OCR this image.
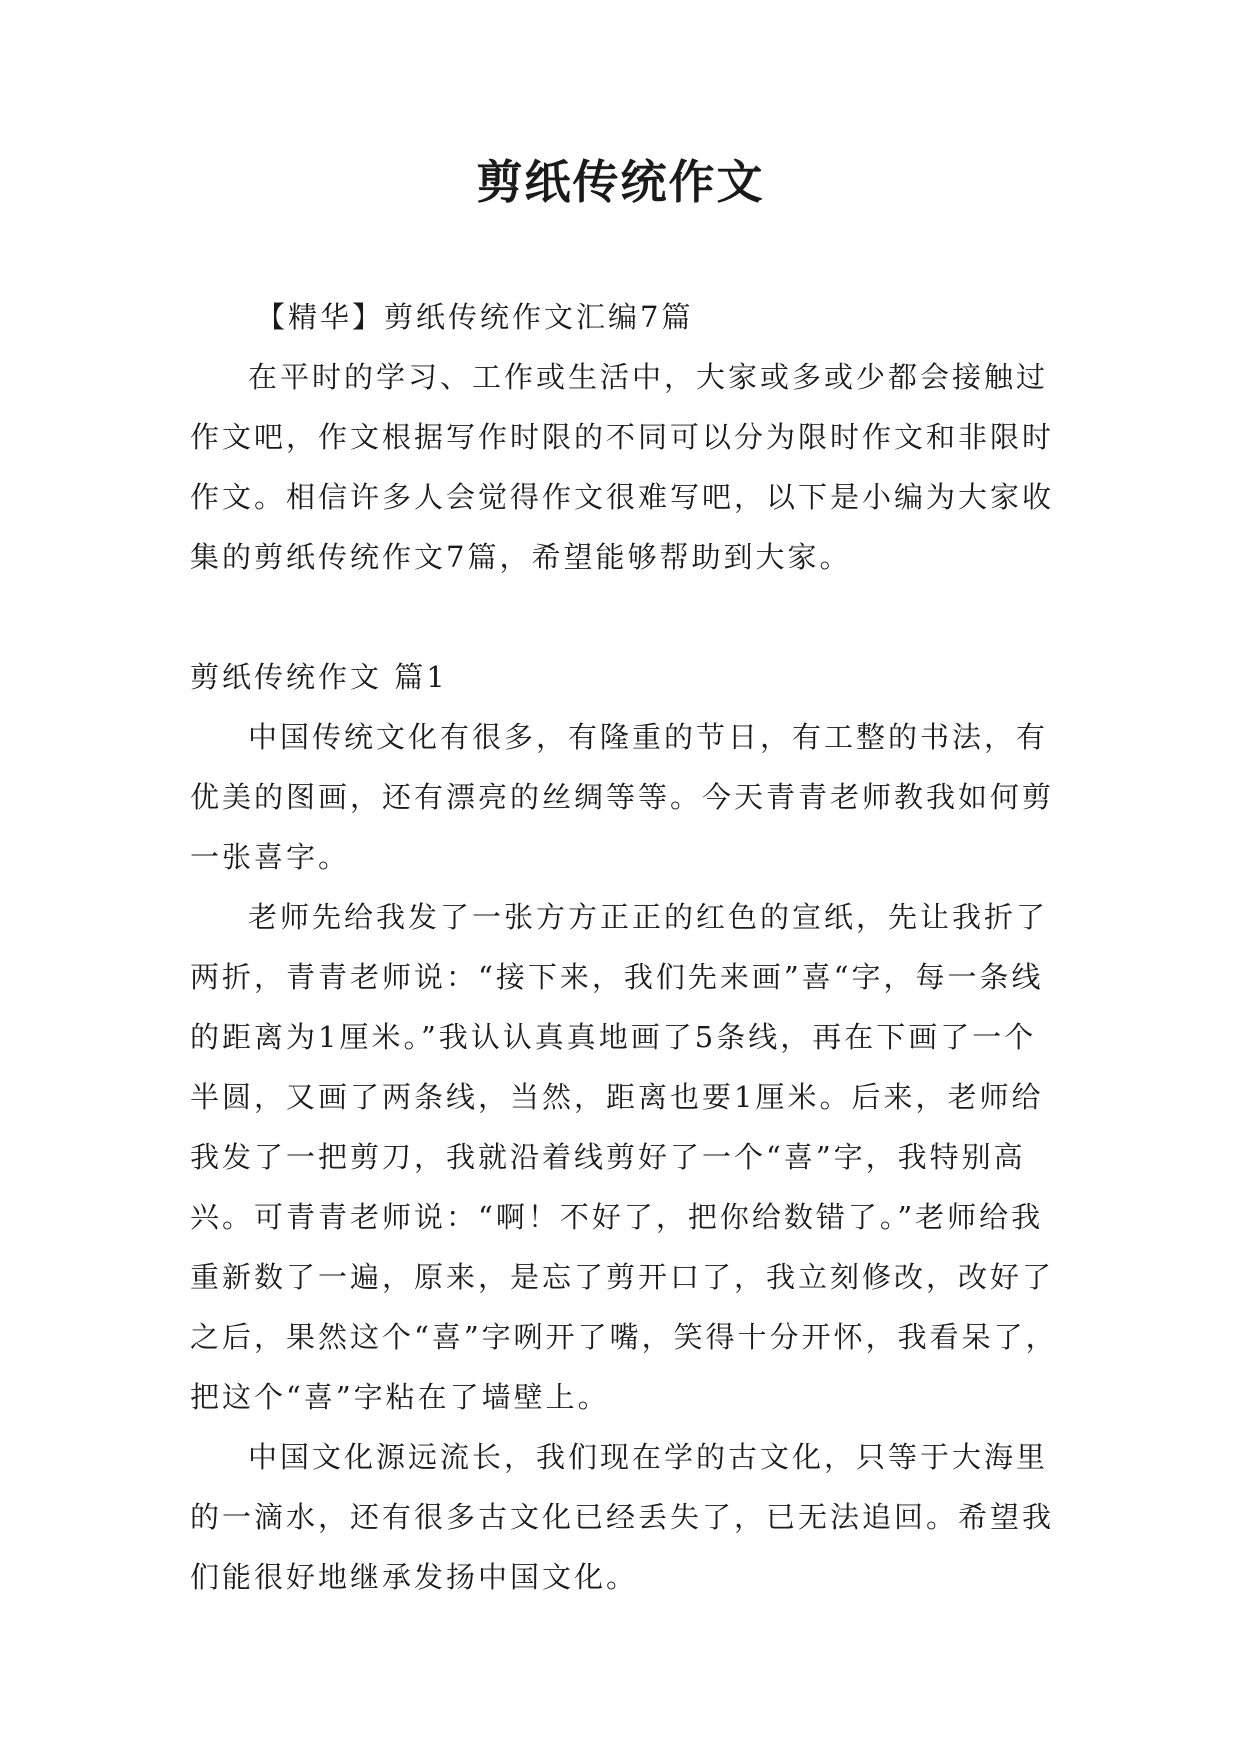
剪纸传统作文

【精华】剪纸传统作文汇编7篇

在平时的学习、工作或生活中，大家或多或少都会接触过作文吧，作文根据写作时限的不同可以分为限时作文和非限时作文。相信许多人会觉得作文很难写吧，以下是小编为大家收集的剪纸传统作文7篇，希望能够帮助到大家。

剪纸传统作文 篇1

中国传统文化有很多，有隆重的节日，有工整的书法，有优美的图画，还有漂亮的丝绸等等。今天青青老师教我如何剪一张喜字。

老师先给我发了一张方方正正的红色的宣纸，先让我折了两折，青青老师说：“接下来，我们先来画”喜“字，每一条线的距离为1厘米。”我认认真真地画了5条线，再在下画了一个半圆，又画了两条线，当然，距离也要1厘米。后来，老师给我发了一把剪刀，我就沿着线剪好了一个“喜”字，我特别高兴。可青青老师说：“啊！不好了，把你给数错了。”老师给我重新数了一遍，原来，是忘了剪开口了，我立刻修改，改好了之后，果然这个“喜”字咧开了嘴，笑得十分开怀，我看呆了，把这个“喜”字粘在了墙壁上。

中国文化源远流长，我们现在学的古文化，只等于大海里的一滴水，还有很多古文化已经丢失了，已无法追回。希望我们能很好地继承发扬中国文化。
